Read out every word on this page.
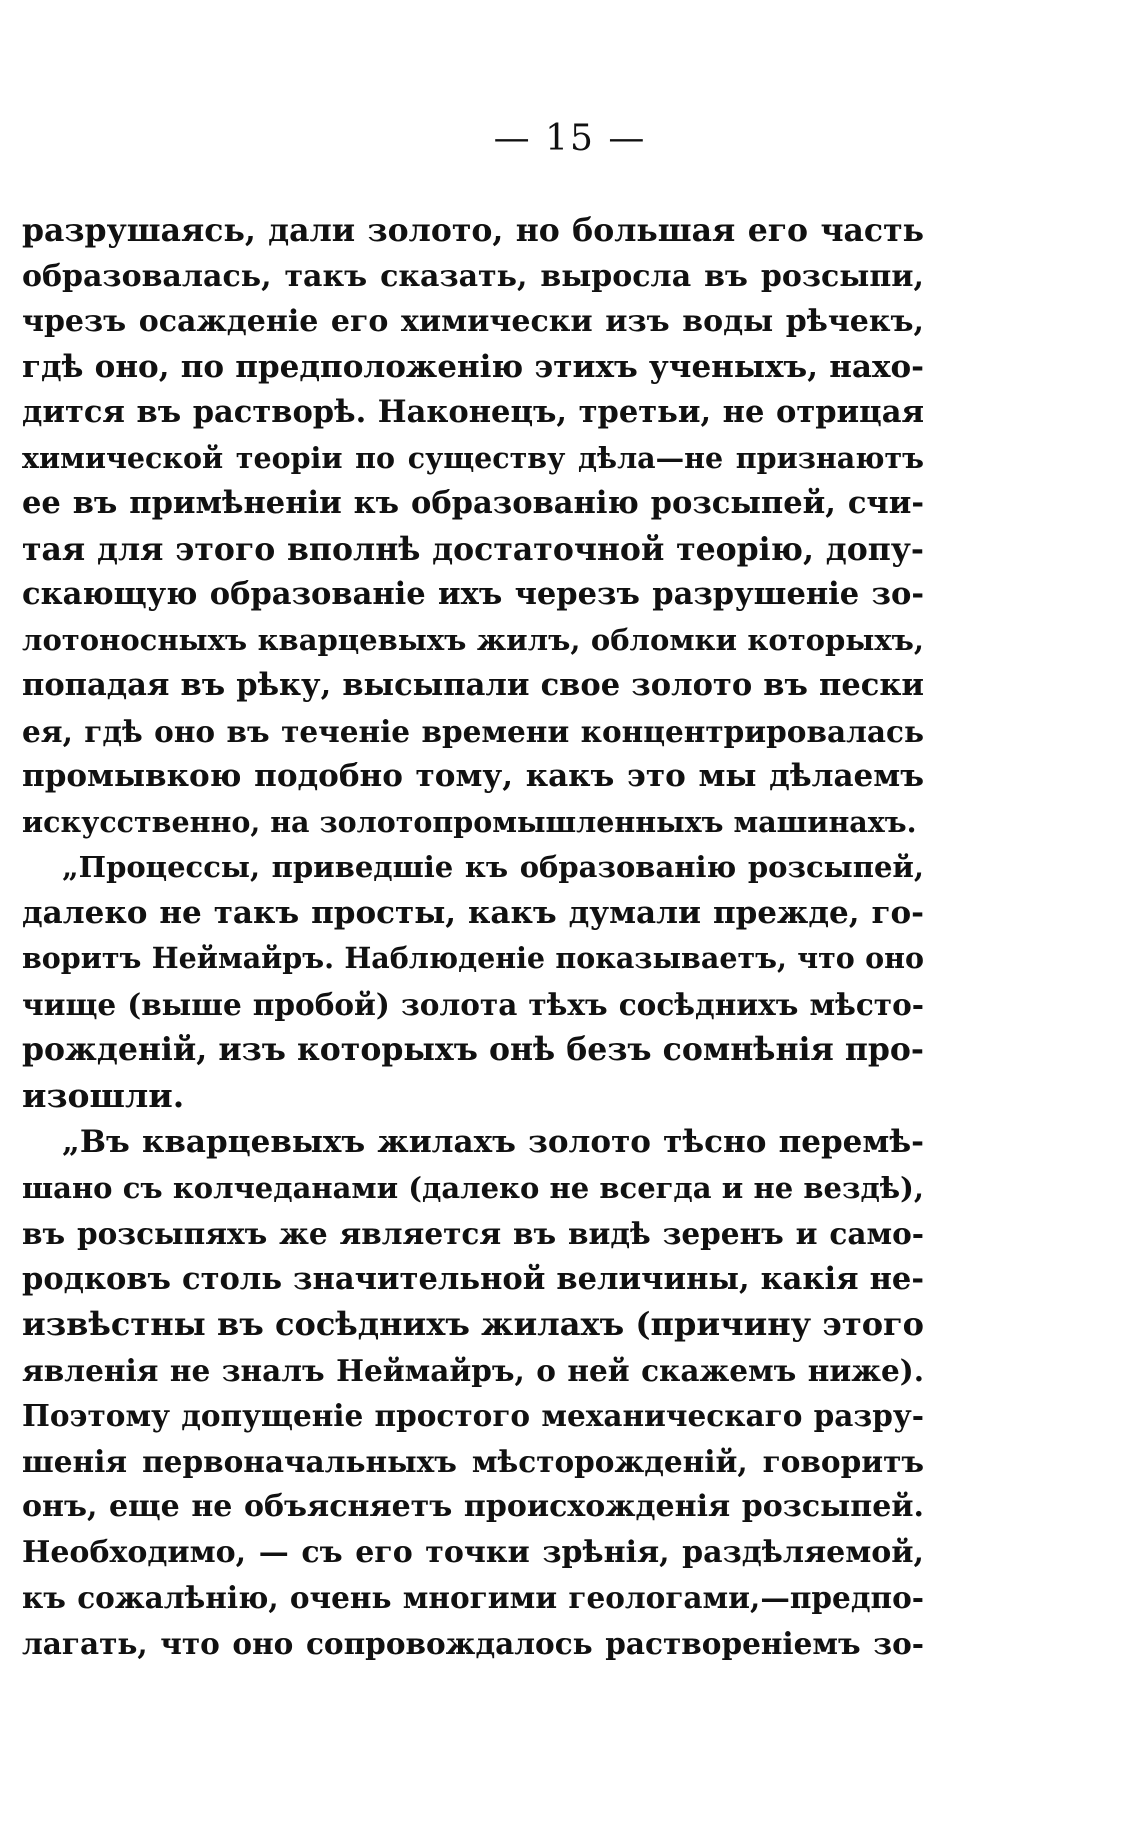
— 15 —
разрушаясь, дали золото, но большая его часть
образовалась, такъ сказать, выросла въ розсыпи,
чрезъ осажденіе его химически изъ воды рѣчекъ,
гдѣ оно, по предположенію этихъ ученыхъ, нахо-
дится въ растворѣ. Наконецъ, третьи, не отрицая
химической теоріи по существу дѣла—не признаютъ
ее въ примѣненіи къ образованію розсыпей, счи-
тая для этого вполнѣ достаточной теорію, допу-
скающую образованіе ихъ черезъ разрушеніе зо-
лотоносныхъ кварцевыхъ жилъ, обломки которыхъ,
попадая въ рѣку, высыпали свое золото въ пески
ея, гдѣ оно въ теченіе времени концентрировалась
промывкою подобно тому, какъ это мы дѣлаемъ
искусственно, на золотопромышленныхъ машинахъ.
„Процессы, приведшіе къ образованію розсыпей,
далеко не такъ просты, какъ думали прежде, го-
воритъ Неймайръ. Наблюденіе показываетъ, что оно
чище (выше пробой) золота тѣхъ сосѣднихъ мѣсто-
рожденій, изъ которыхъ онѣ безъ сомнѣнія про-
изошли.
„Въ кварцевыхъ жилахъ золото тѣсно перемѣ-
шано съ колчеданами (далеко не всегда и не вездѣ),
въ розсыпяхъ же является въ видѣ зеренъ и само-
родковъ столь значительной величины, какія не-
извѣстны въ сосѣднихъ жилахъ (причину этого
явленія не зналъ Неймайръ, о ней скажемъ ниже).
Поэтому допущеніе простого механическаго разру-
шенія первоначальныхъ мѣсторожденій, говоритъ
онъ, еще не объясняетъ происхожденія розсыпей.
Необходимо, — съ его точки зрѣнія, раздѣляемой,
къ сожалѣнію, очень многими геологами,—предпо-
лагать, что оно сопровождалось раствореніемъ зо-
